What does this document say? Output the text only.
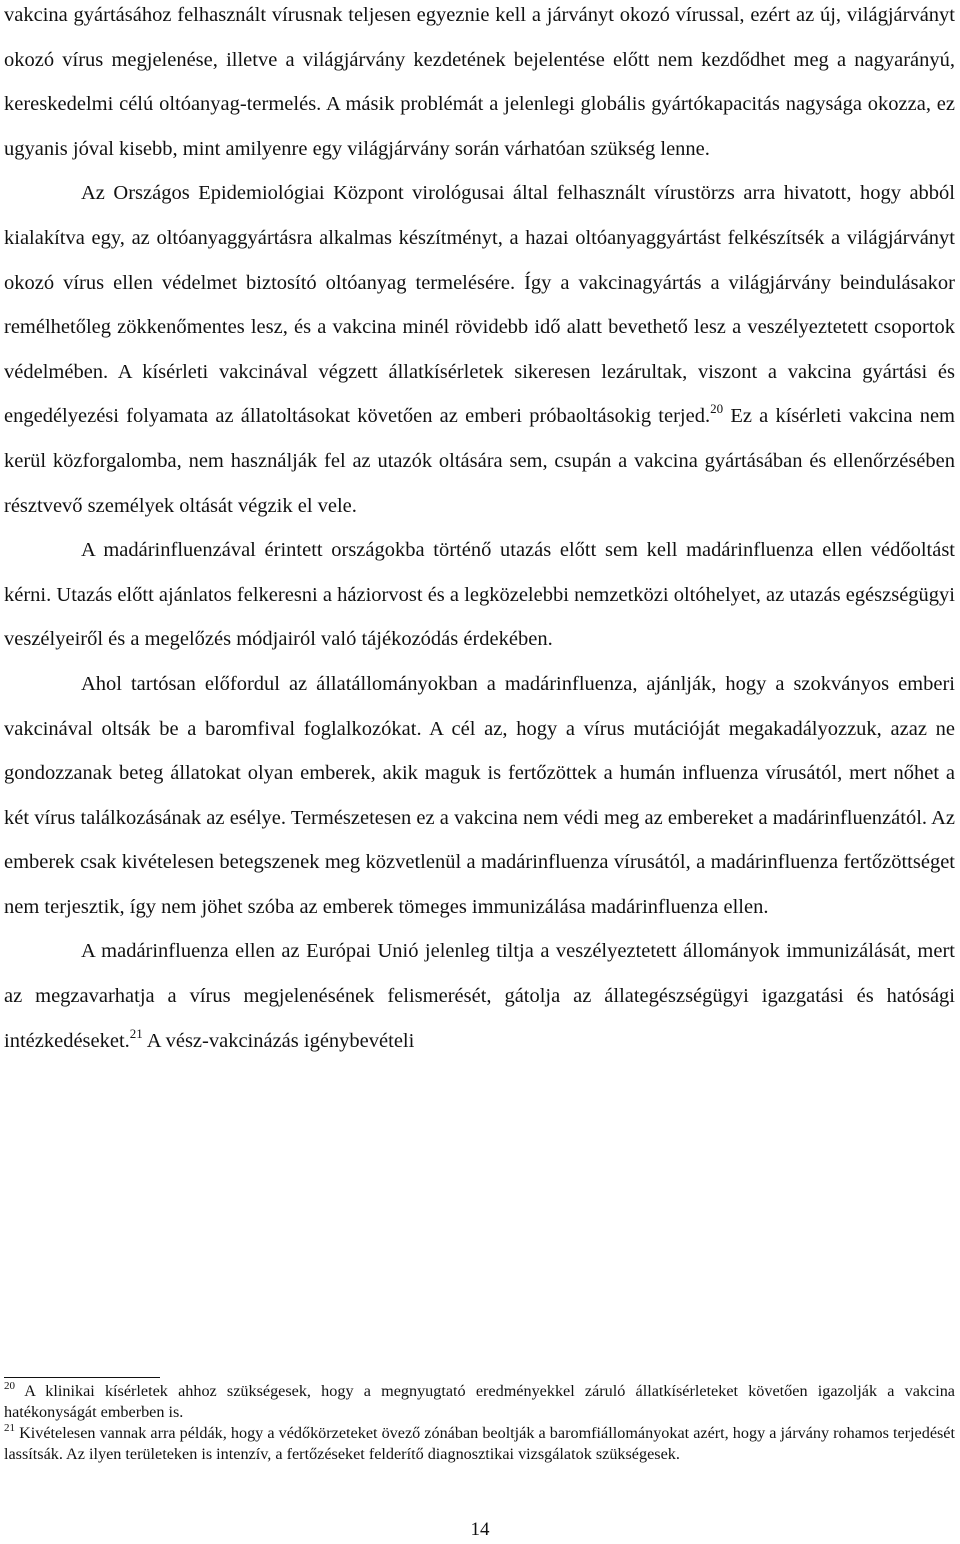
vakcina gyártásához felhasznált vírusnak teljesen egyeznie kell a járványt okozó vírussal, ezért az új, világjárványt okozó vírus megjelenése, illetve a világjárvány kezdetének bejelentése előtt nem kezdődhet meg a nagyarányú, kereskedelmi célú oltóanyag-termelés. A másik problémát a jelenlegi globális gyártókapacitás nagysága okozza, ez ugyanis jóval kisebb, mint amilyenre egy világjárvány során várhatóan szükség lenne.

Az Országos Epidemiológiai Központ virológusai által felhasznált vírustörzs arra hivatott, hogy abból kialakítva egy, az oltóanyaggyártásra alkalmas készítményt, a hazai oltóanyaggyártást felkészítsék a világjárványt okozó vírus ellen védelmet biztosító oltóanyag termelésére. Így a vakcinagyártás a világjárvány beindulásakor remélhetőleg zökkenőmentes lesz, és a vakcina minél rövidebb idő alatt bevethető lesz a veszélyeztetett csoportok védelmében. A kísérleti vakcinával végzett állatkísérletek sikeresen lezárultak, viszont a vakcina gyártási és engedélyezési folyamata az állatoltásokat követően az emberi próbaoltásokig terjed.$^{20}$ Ez a kísérleti vakcina nem kerül közforgalomba, nem használják fel az utazók oltására sem, csupán a vakcina gyártásában és ellenőrzésében résztvevő személyek oltását végzik el vele.

A madárinfluenzával érintett országokba történő utazás előtt sem kell madárinfluenza ellen védőoltást kérni. Utazás előtt ajánlatos felkeresni a háziorvost és a legközelebbi nemzetközi oltóhelyet, az utazás egészségügyi veszélyeiről és a megelőzés módjairól való tájékozódás érdekében.

Ahol tartósan előfordul az állatállományokban a madárinfluenza, ajánlják, hogy a szokványos emberi vakcinával oltsák be a baromfival foglalkozókat. A cél az, hogy a vírus mutációját megakadályozzuk, azaz ne gondozzanak beteg állatokat olyan emberek, akik maguk is fertőzöttek a humán influenza vírusától, mert nőhet a két vírus találkozásának az esélye. Természetesen ez a vakcina nem védi meg az embereket a madárinfluenzától. Az emberek csak kivételesen betegszenek meg közvetlenül a madárinfluenza vírusától, a madárinfluenza fertőzöttséget nem terjesztik, így nem jöhet szóba az emberek tömeges immunizálása madárinfluenza ellen.

A madárinfluenza ellen az Európai Unió jelenleg tiltja a veszélyeztetett állományok immunizálását, mert az megzavarhatja a vírus megjelenésének felismerését, gátolja az állategészségügyi igazgatási és hatósági intézkedéseket.$^{21}$ A vész-vakcinázás igénybevételi

$^{20}$ A klinikai kísérletek ahhoz szükségesek, hogy a megnyugtató eredményekkel záruló állatkísérleteket követően igazolják a vakcina hatékonyságát emberben is.

$^{21}$ Kivételesen vannak arra példák, hogy a védőkörzeteket övező zónában beoltják a baromfiállományokat azért, hogy a járvány rohamos terjedését lassítsák. Az ilyen területeken is intenzív, a fertőzéseket felderítő diagnosztikai vizsgálatok szükségesek.

14
